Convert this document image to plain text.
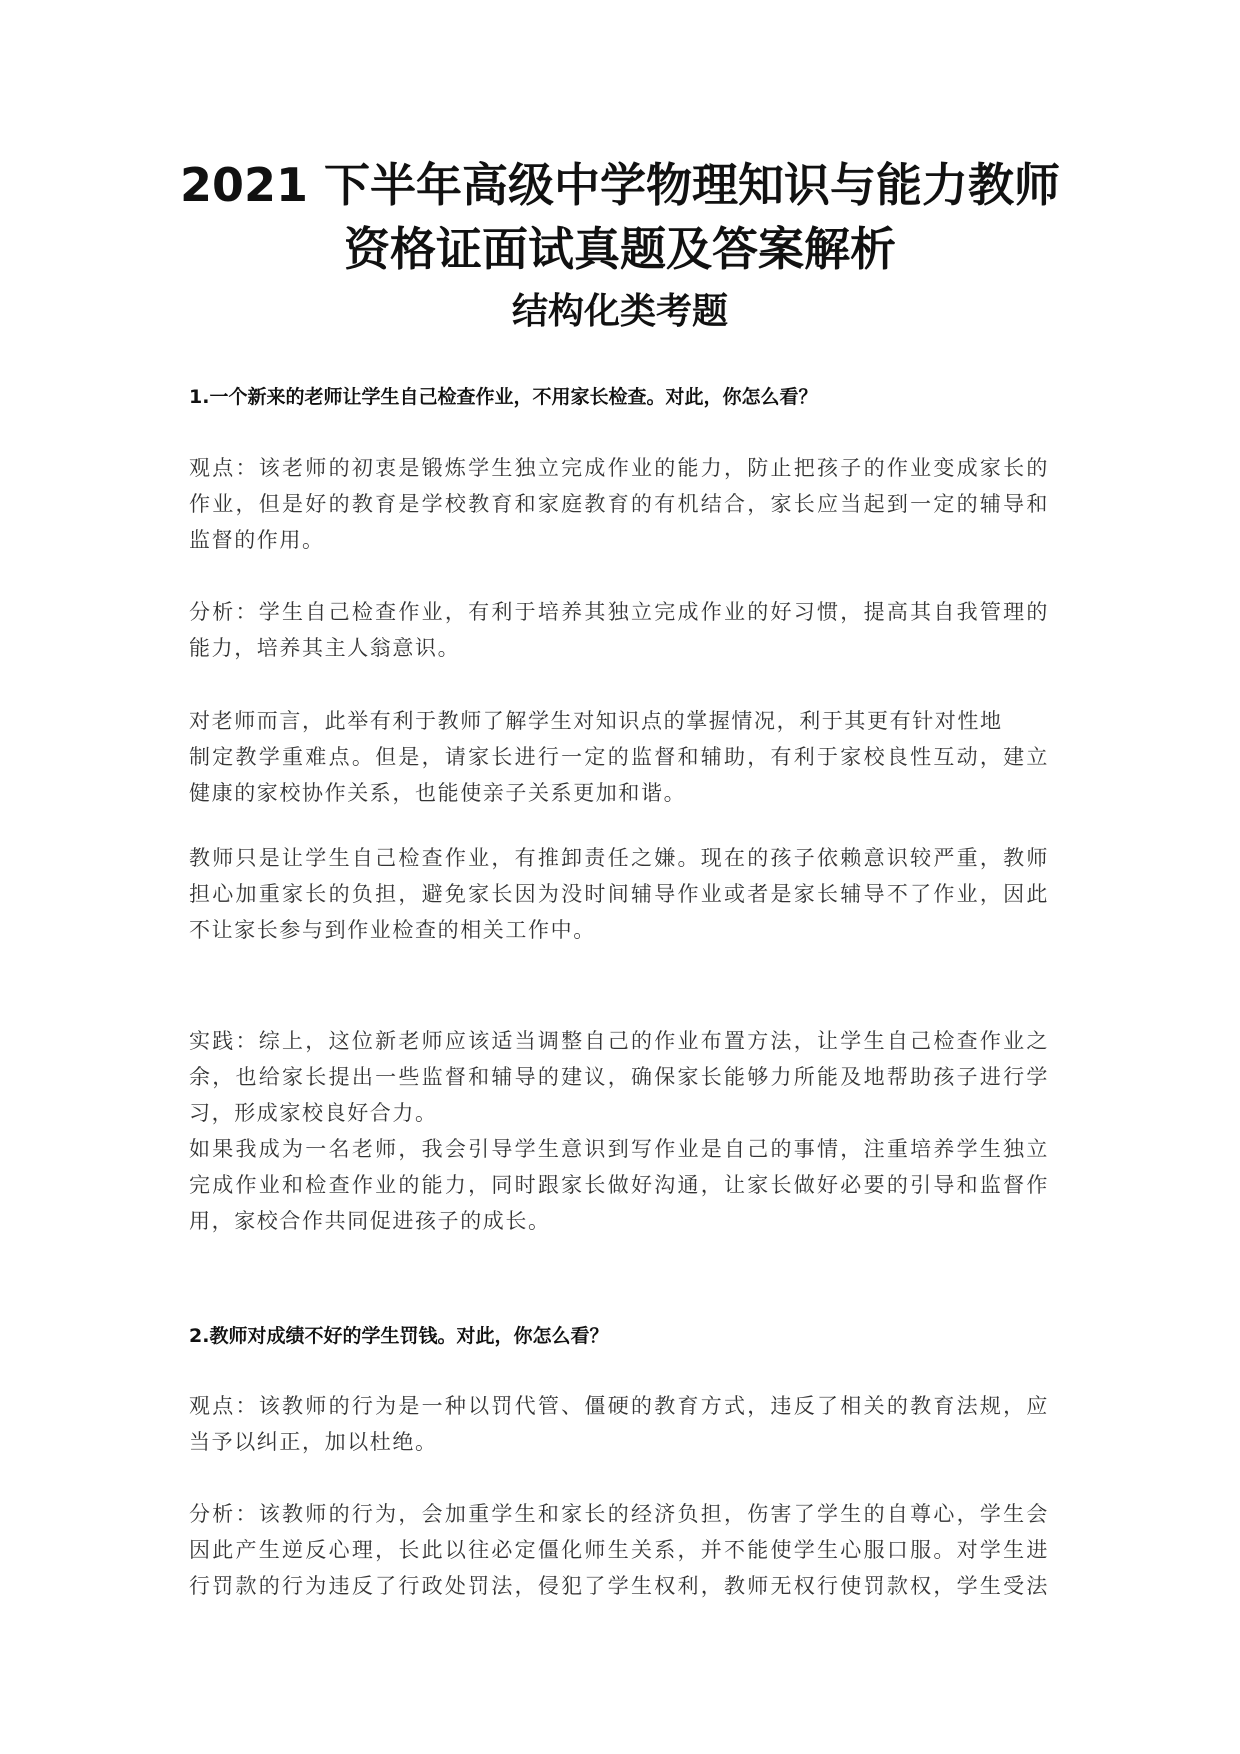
2021 下半年高级中学物理知识与能力教师
资格证面试真题及答案解析
结构化类考题
1.一个新来的老师让学生自己检查作业，不用家长检查。对此，你怎么看？
观点：该老师的初衷是锻炼学生独立完成作业的能力，防止把孩子的作业变成家长的
作业，但是好的教育是学校教育和家庭教育的有机结合，家长应当起到一定的辅导和
监督的作用。
分析：学生自己检查作业，有利于培养其独立完成作业的好习惯，提高其自我管理的
能力，培养其主人翁意识。
对老师而言，此举有利于教师了解学生对知识点的掌握情况，利于其更有针对性地
制定教学重难点。但是，请家长进行一定的监督和辅助，有利于家校良性互动，建立
健康的家校协作关系，也能使亲子关系更加和谐。
教师只是让学生自己检查作业，有推卸责任之嫌。现在的孩子依赖意识较严重，教师
担心加重家长的负担，避免家长因为没时间辅导作业或者是家长辅导不了作业，因此
不让家长参与到作业检查的相关工作中。
实践：综上，这位新老师应该适当调整自己的作业布置方法，让学生自己检查作业之
余，也给家长提出一些监督和辅导的建议，确保家长能够力所能及地帮助孩子进行学
习，形成家校良好合力。
如果我成为一名老师，我会引导学生意识到写作业是自己的事情，注重培养学生独立
完成作业和检查作业的能力，同时跟家长做好沟通，让家长做好必要的引导和监督作
用，家校合作共同促进孩子的成长。
2.教师对成绩不好的学生罚钱。对此，你怎么看？
观点：该教师的行为是一种以罚代管、僵硬的教育方式，违反了相关的教育法规，应
当予以纠正，加以杜绝。
分析：该教师的行为，会加重学生和家长的经济负担，伤害了学生的自尊心，学生会
因此产生逆反心理，长此以往必定僵化师生关系，并不能使学生心服口服。对学生进
行罚款的行为违反了行政处罚法，侵犯了学生权利，教师无权行使罚款权，学生受法
